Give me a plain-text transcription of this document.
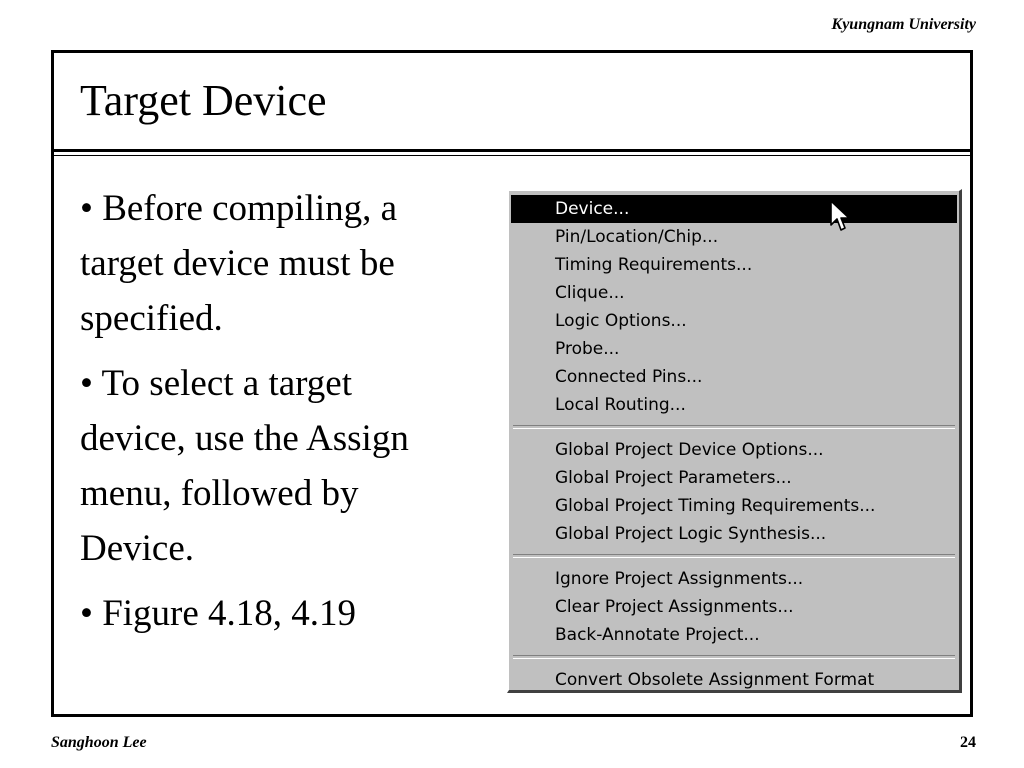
Kyungnam University
Target Device
• Before compiling, a target device must be specified.
• To select a target device, use the Assign menu, followed by Device.
• Figure 4.18, 4.19
Device...
Pin/Location/Chip...
Timing Requirements...
Clique...
Logic Options...
Probe...
Connected Pins...
Local Routing...
Global Project Device Options...
Global Project Parameters...
Global Project Timing Requirements...
Global Project Logic Synthesis...
Ignore Project Assignments...
Clear Project Assignments...
Back-Annotate Project...
Convert Obsolete Assignment Format
Sanghoon Lee	24
